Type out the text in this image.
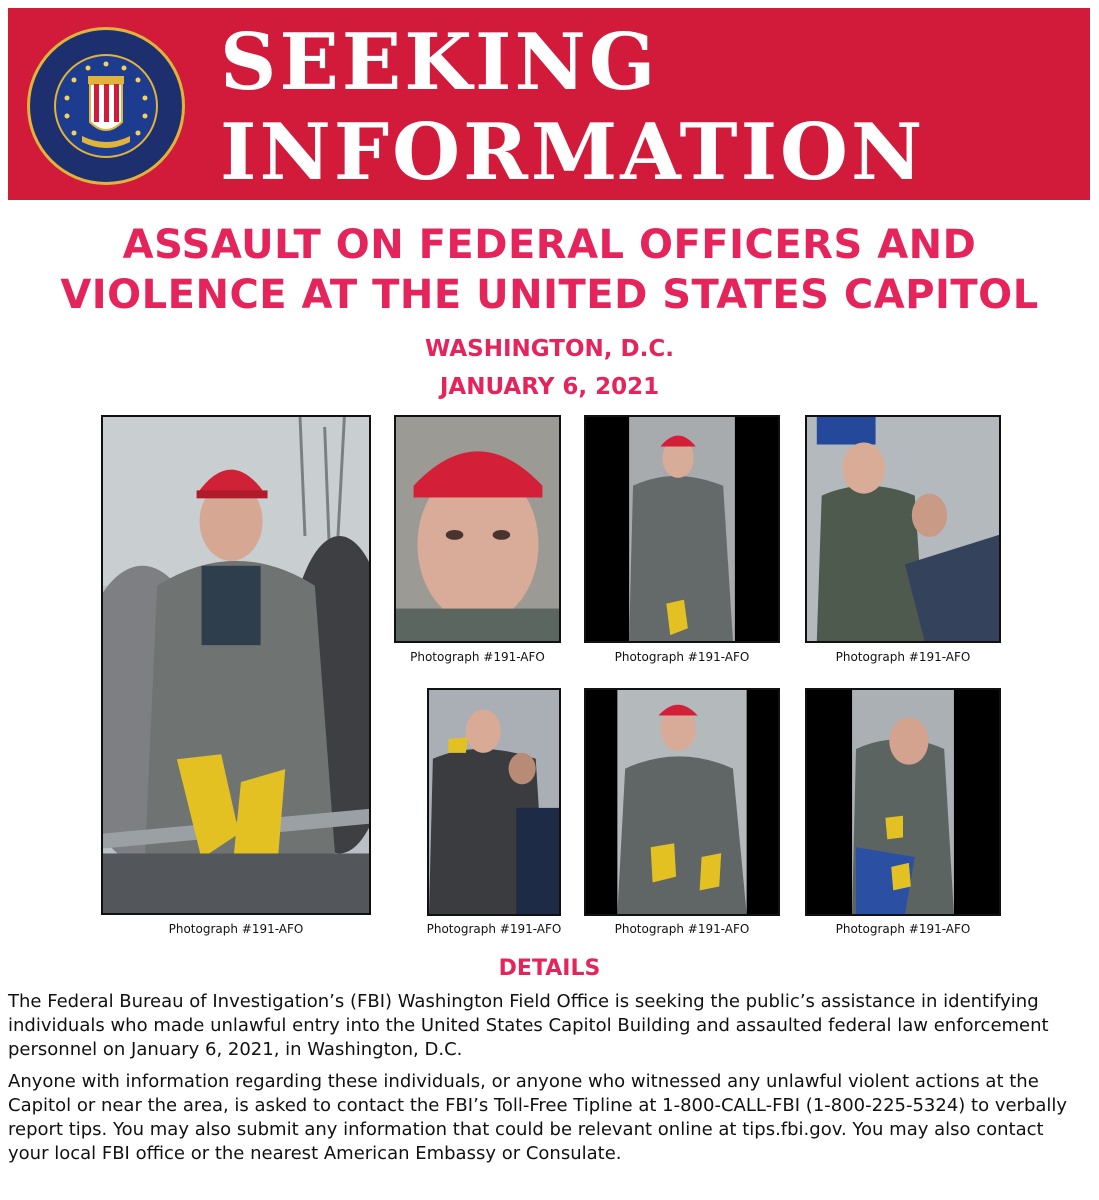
SEEKING
INFORMATION
ASSAULT ON FEDERAL OFFICERS AND
VIOLENCE AT THE UNITED STATES CAPITOL
WASHINGTON, D.C.
JANUARY 6, 2021
Photograph #191-AFO
Photograph #191-AFO	Photograph #191-AFO	Photograph #191-AFO
Photograph #191-AFO	Photograph #191-AFO	Photograph #191-AFO
DETAILS
The Federal Bureau of Investigation’s (FBI) Washington Field Office is seeking the public’s assistance in identifying individuals who made unlawful entry into the United States Capitol Building and assaulted federal law enforcement personnel on January 6, 2021, in Washington, D.C.
Anyone with information regarding these individuals, or anyone who witnessed any unlawful violent actions at the Capitol or near the area, is asked to contact the FBI’s Toll-Free Tipline at 1-800-CALL-FBI (1-800-225-5324) to verbally report tips. You may also submit any information that could be relevant online at tips.fbi.gov. You may also contact your local FBI office or the nearest American Embassy or Consulate.
